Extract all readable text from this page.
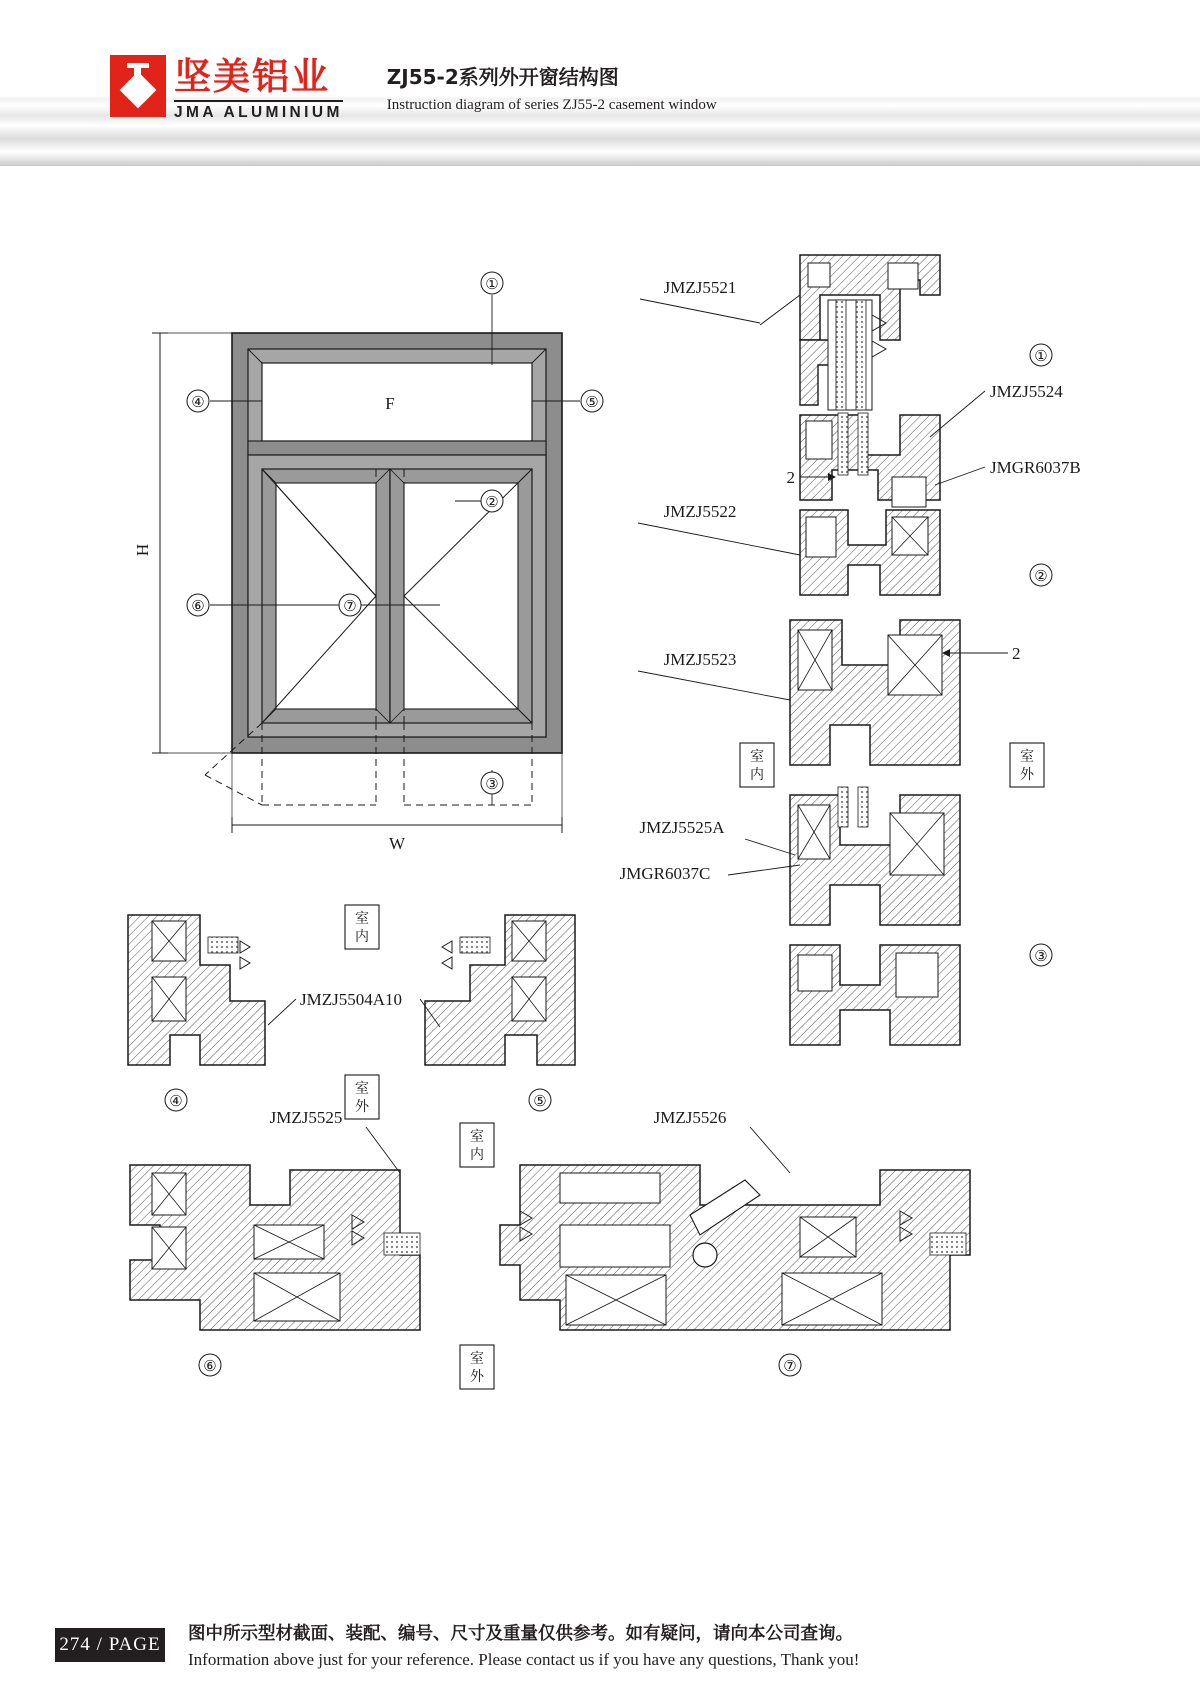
坚美铝业
JMA ALUMINIUM
ZJ55-2系列外开窗结构图
Instruction diagram of series ZJ55-2 casement window
F
H
W
①
②
③
④	⑤
⑥	⑦
JMZJ5521
JMZJ5524
JMGR6037B
①
2
JMZJ5522
JMZJ5523
②
2
室
内
室
外
JMZJ5525A
JMGR6037C
③
④	⑤
JMZJ5504A10
室
内
室
外
JMZJ5525
⑥
JMZJ5526
⑦
室
内
室
外
274 / PAGE 图中所示型材截面、装配、编号、尺寸及重量仅供参考。如有疑问，请向本公司查询。
Information above just for your reference. Please contact us if you have any questions, Thank you!
